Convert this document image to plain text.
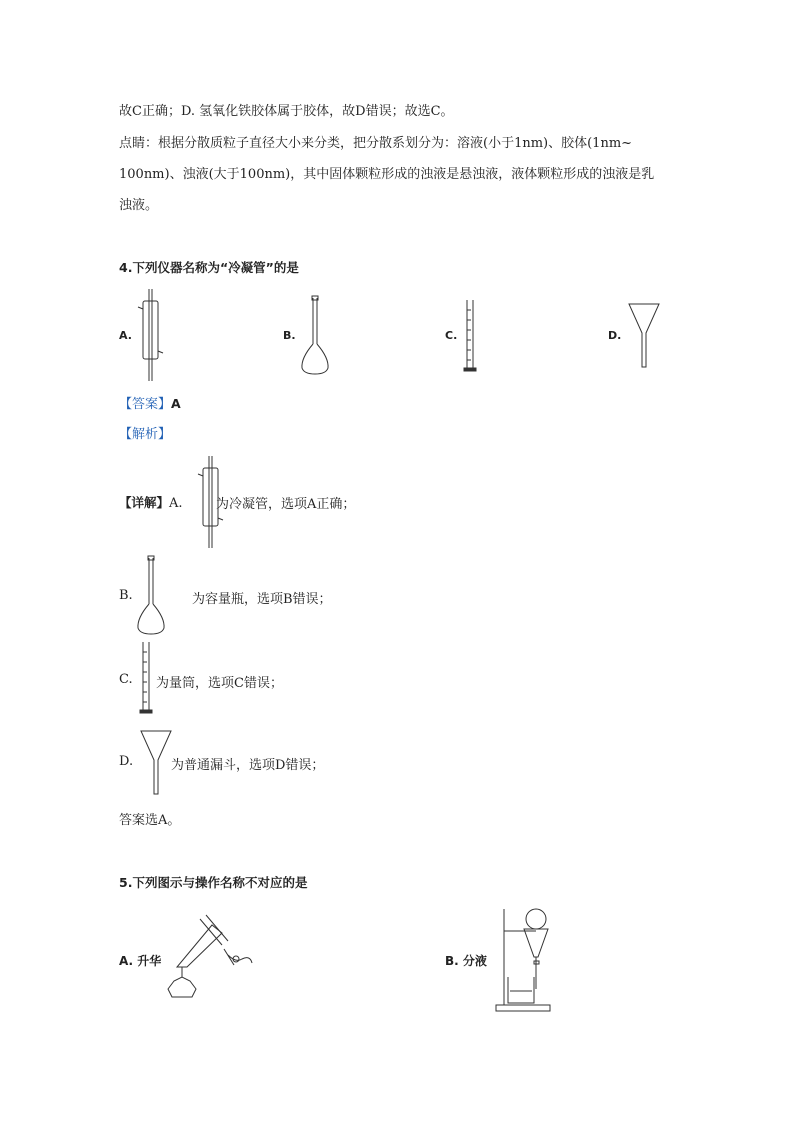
故C正确；D. 氢氧化铁胶体属于胶体，故D错误；故选C。
点睛：根据分散质粒子直径大小来分类，把分散系划分为：溶液(小于1nm)、胶体(1nm~
100nm)、浊液(大于100nm)，其中固体颗粒形成的浊液是悬浊液，液体颗粒形成的浊液是乳
浊液。
4.下列仪器名称为“冷凝管”的是
A.	B.	C.	D.
【答案】A
【解析】
【详解】A.	为冷凝管，选项A正确；
B.	为容量瓶，选项B错误；
C. 为量筒，选项C错误；
D.	为普通漏斗，选项D错误；
答案选A。
5.下列图示与操作名称不对应的是
A. 升华	B. 分液
